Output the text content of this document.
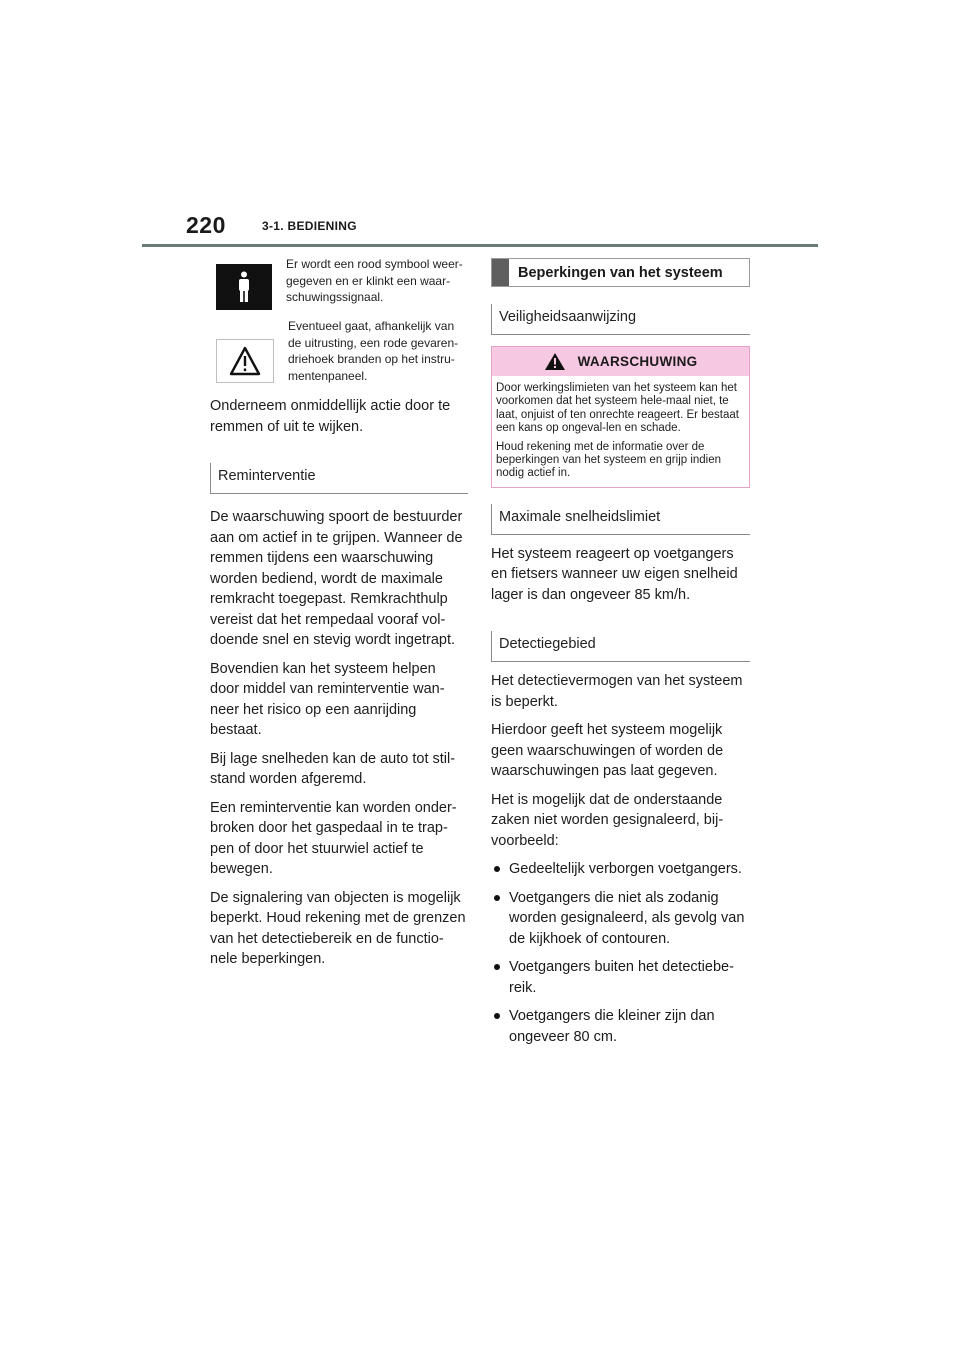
220	3-1. BEDIENING
Er wordt een rood symbool weer-gegeven en er klinkt een waar-schuwingssignaal.
Eventueel gaat, afhankelijk van de uitrusting, een rode gevaren-driehoek branden op het instru-mentenpaneel.

Onderneem onmiddellijk actie door te remmen of uit te wijken.

Reminterventie

De waarschuwing spoort de bestuurder aan om actief in te grijpen. Wanneer de remmen tijdens een waarschuwing worden bediend, wordt de maximale remkracht toegepast. Remkrachthulp vereist dat het rempedaal vooraf vol-doende snel en stevig wordt ingetrapt.

Bovendien kan het systeem helpen door middel van reminterventie wan-neer het risico op een aanrijding bestaat.

Bij lage snelheden kan de auto tot stil-stand worden afgeremd.

Een reminterventie kan worden onder-broken door het gaspedaal in te trap-pen of door het stuurwiel actief te bewegen.

De signalering van objecten is mogelijk beperkt. Houd rekening met de grenzen van het detectiebereik en de functio-nele beperkingen.

Beperkingen van het systeem
Veiligheidsaanwijzing
WAARSCHUWING
Door werkingslimieten van het systeem kan het voorkomen dat het systeem hele-maal niet, te laat, onjuist of ten onrechte reageert. Er bestaat een kans op ongeval-len en schade.
Houd rekening met de informatie over de beperkingen van het systeem en grijp indien nodig actief in.
Maximale snelheidslimiet

Het systeem reageert op voetgangers en fietsers wanneer uw eigen snelheid lager is dan ongeveer 85 km/h.

Detectiegebied

Het detectievermogen van het systeem is beperkt.

Hierdoor geeft het systeem mogelijk geen waarschuwingen of worden de waarschuwingen pas laat gegeven.

Het is mogelijk dat de onderstaande zaken niet worden gesignaleerd, bij-voorbeeld:

Gedeeltelijk verborgen voetgangers.
Voetgangers die niet als zodanig worden gesignaleerd, als gevolg van de kijkhoek of contouren.
Voetgangers buiten het detectiebe-reik.
Voetgangers die kleiner zijn dan ongeveer 80 cm.
